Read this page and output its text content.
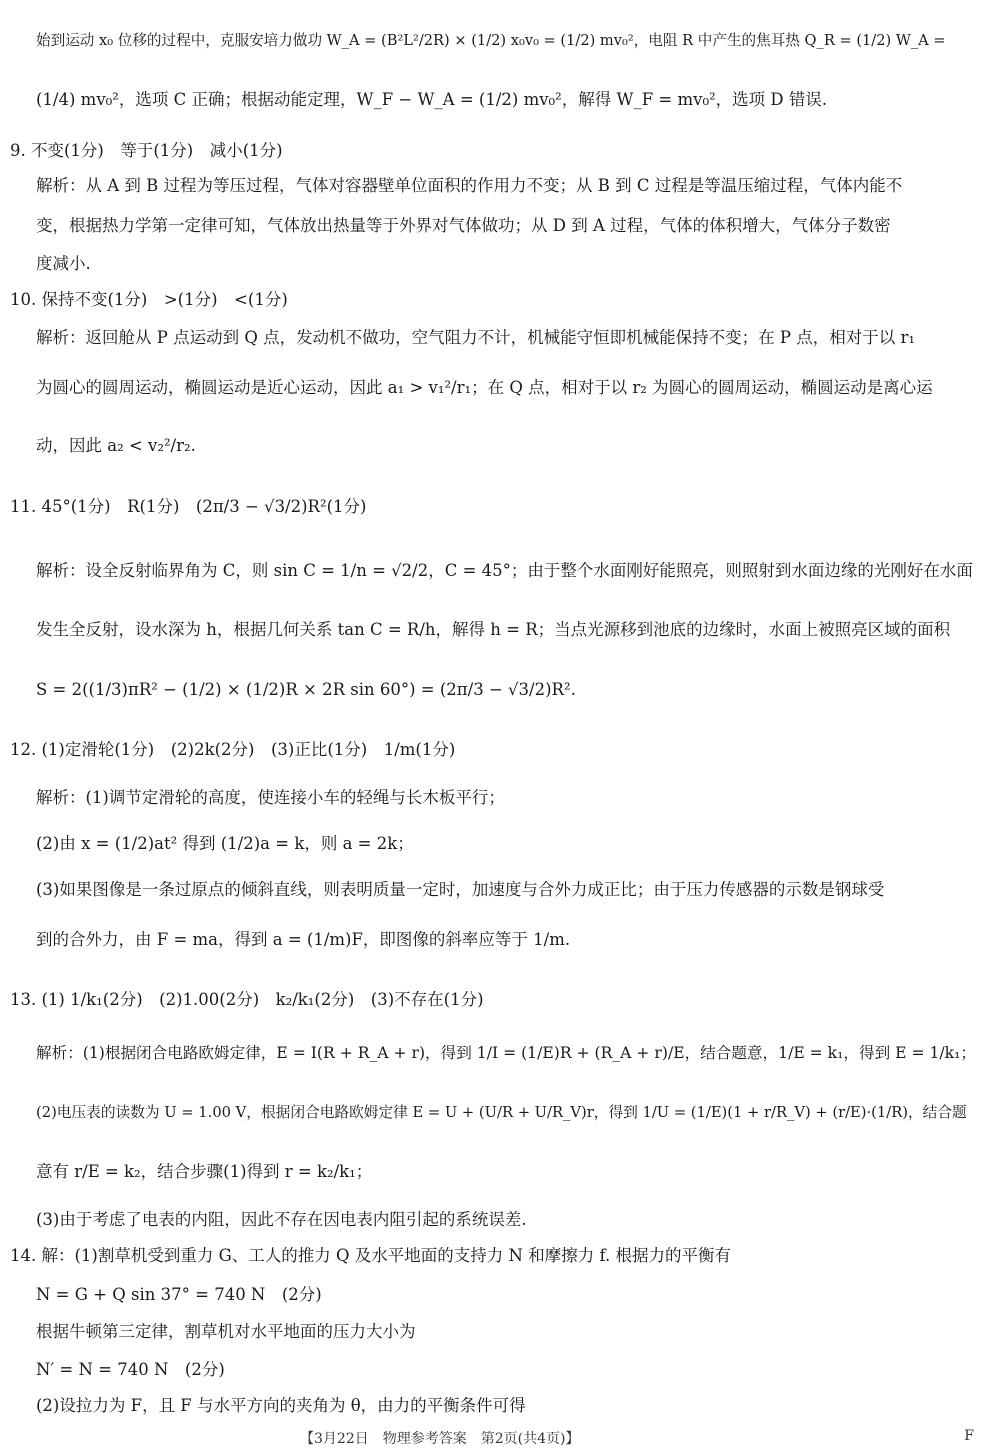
始到运动 x₀ 位移的过程中，克服安培力做功 W_A = (B²L²/2R) × (1/2) x₀v₀ = (1/2) mv₀²，电阻 R 中产生的焦耳热 Q_R = (1/2) W_A =
(1/4) mv₀²，选项 C 正确；根据动能定理，W_F − W_A = (1/2) mv₀²，解得 W_F = mv₀²，选项 D 错误.
9. 不变(1分)　等于(1分)　减小(1分)
解析：从 A 到 B 过程为等压过程，气体对容器壁单位面积的作用力不变；从 B 到 C 过程是等温压缩过程，气体内能不
变，根据热力学第一定律可知，气体放出热量等于外界对气体做功；从 D 到 A 过程，气体的体积增大，气体分子数密
度减小.
10. 保持不变(1分)　>(1分)　<(1分)
解析：返回舱从 P 点运动到 Q 点，发动机不做功，空气阻力不计，机械能守恒即机械能保持不变；在 P 点，相对于以 r₁
为圆心的圆周运动，椭圆运动是近心运动，因此 a₁ > v₁²/r₁；在 Q 点，相对于以 r₂ 为圆心的圆周运动，椭圆运动是离心运
动，因此 a₂ < v₂²/r₂.
11. 45°(1分)　R(1分)　(2π/3 − √3/2)R²(1分)
解析：设全反射临界角为 C，则 sin C = 1/n = √2/2，C = 45°；由于整个水面刚好能照亮，则照射到水面边缘的光刚好在水面
发生全反射，设水深为 h，根据几何关系 tan C = R/h，解得 h = R；当点光源移到池底的边缘时，水面上被照亮区域的面积
S = 2((1/3)πR² − (1/2) × (1/2)R × 2R sin 60°) = (2π/3 − √3/2)R².
12. (1)定滑轮(1分)　(2)2k(2分)　(3)正比(1分)　1/m(1分)
解析：(1)调节定滑轮的高度，使连接小车的轻绳与长木板平行；
(2)由 x = (1/2)at² 得到 (1/2)a = k，则 a = 2k；
(3)如果图像是一条过原点的倾斜直线，则表明质量一定时，加速度与合外力成正比；由于压力传感器的示数是钢球受
到的合外力，由 F = ma，得到 a = (1/m)F，即图像的斜率应等于 1/m.
13. (1) 1/k₁(2分)　(2)1.00(2分)　k₂/k₁(2分)　(3)不存在(1分)
解析：(1)根据闭合电路欧姆定律，E = I(R + R_A + r)，得到 1/I = (1/E)R + (R_A + r)/E，结合题意，1/E = k₁，得到 E = 1/k₁；
(2)电压表的读数为 U = 1.00 V，根据闭合电路欧姆定律 E = U + (U/R + U/R_V)r，得到 1/U = (1/E)(1 + r/R_V) + (r/E)·(1/R)，结合题
意有 r/E = k₂，结合步骤(1)得到 r = k₂/k₁；
(3)由于考虑了电表的内阻，因此不存在因电表内阻引起的系统误差.
14. 解：(1)割草机受到重力 G、工人的推力 Q 及水平地面的支持力 N 和摩擦力 f. 根据力的平衡有
N = G + Q sin 37° = 740 N　(2分)
根据牛顿第三定律，割草机对水平地面的压力大小为
N′ = N = 740 N　(2分)
(2)设拉力为 F，且 F 与水平方向的夹角为 θ，由力的平衡条件可得
【3月22日　物理参考答案　第2页(共4页)】	F
